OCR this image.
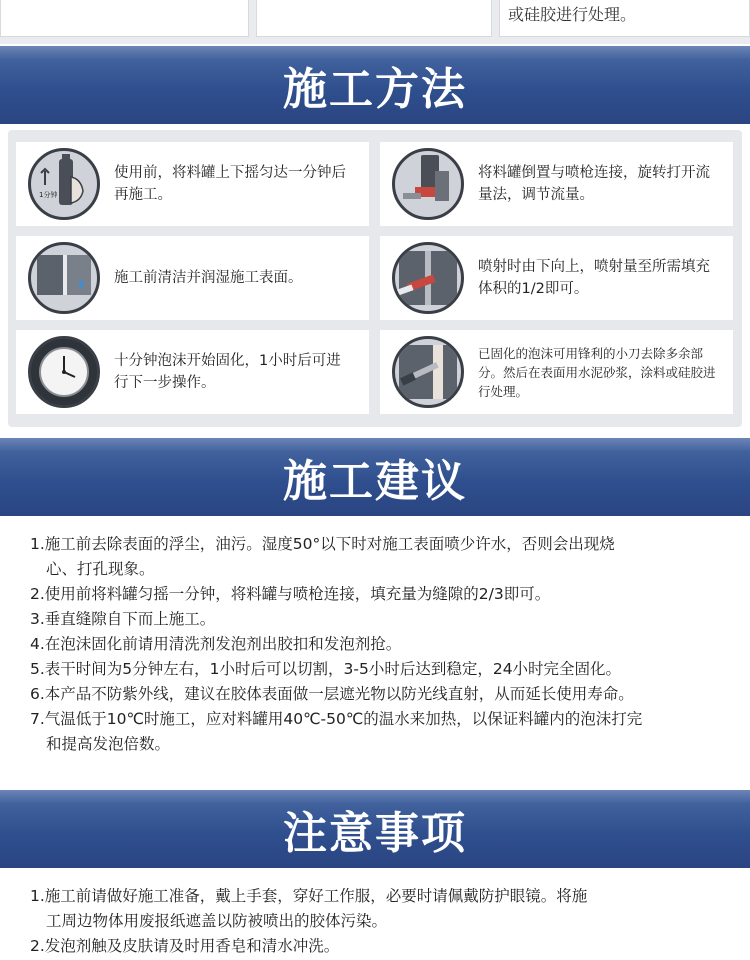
或硅胶进行处理。
施工方法
1分钟
使用前，将料罐上下摇匀达一分钟后再施工。
将料罐倒置与喷枪连接，旋转打开流量法，调节流量。
施工前清洁并润湿施工表面。
喷射时由下向上，喷射量至所需填充体积的1/2即可。
十分钟泡沫开始固化，1小时后可进行下一步操作。
已固化的泡沫可用锋利的小刀去除多余部分。然后在表面用水泥砂浆，涂料或硅胶进行处理。
施工建议

1.施工前去除表面的浮尘，油污。湿度50°以下时对施工表面喷少许水，否则会出现烧

心、打孔现象。

2.使用前将料罐匀摇一分钟，将料罐与喷枪连接，填充量为缝隙的2/3即可。

3.垂直缝隙自下而上施工。

4.在泡沫固化前请用清洗剂发泡剂出胶扣和发泡剂抢。

5.表干时间为5分钟左右，1小时后可以切割，3-5小时后达到稳定，24小时完全固化。

6.本产品不防紫外线，建议在胶体表面做一层遮光物以防光线直射，从而延长使用寿命。

7.气温低于10℃时施工，应对料罐用40℃-50℃的温水来加热，以保证料罐内的泡沫打完

和提高发泡倍数。

注意事项

1.施工前请做好施工准备，戴上手套，穿好工作服，必要时请佩戴防护眼镜。将施

工周边物体用废报纸遮盖以防被喷出的胶体污染。

2.发泡剂触及皮肤请及时用香皂和清水冲洗。
